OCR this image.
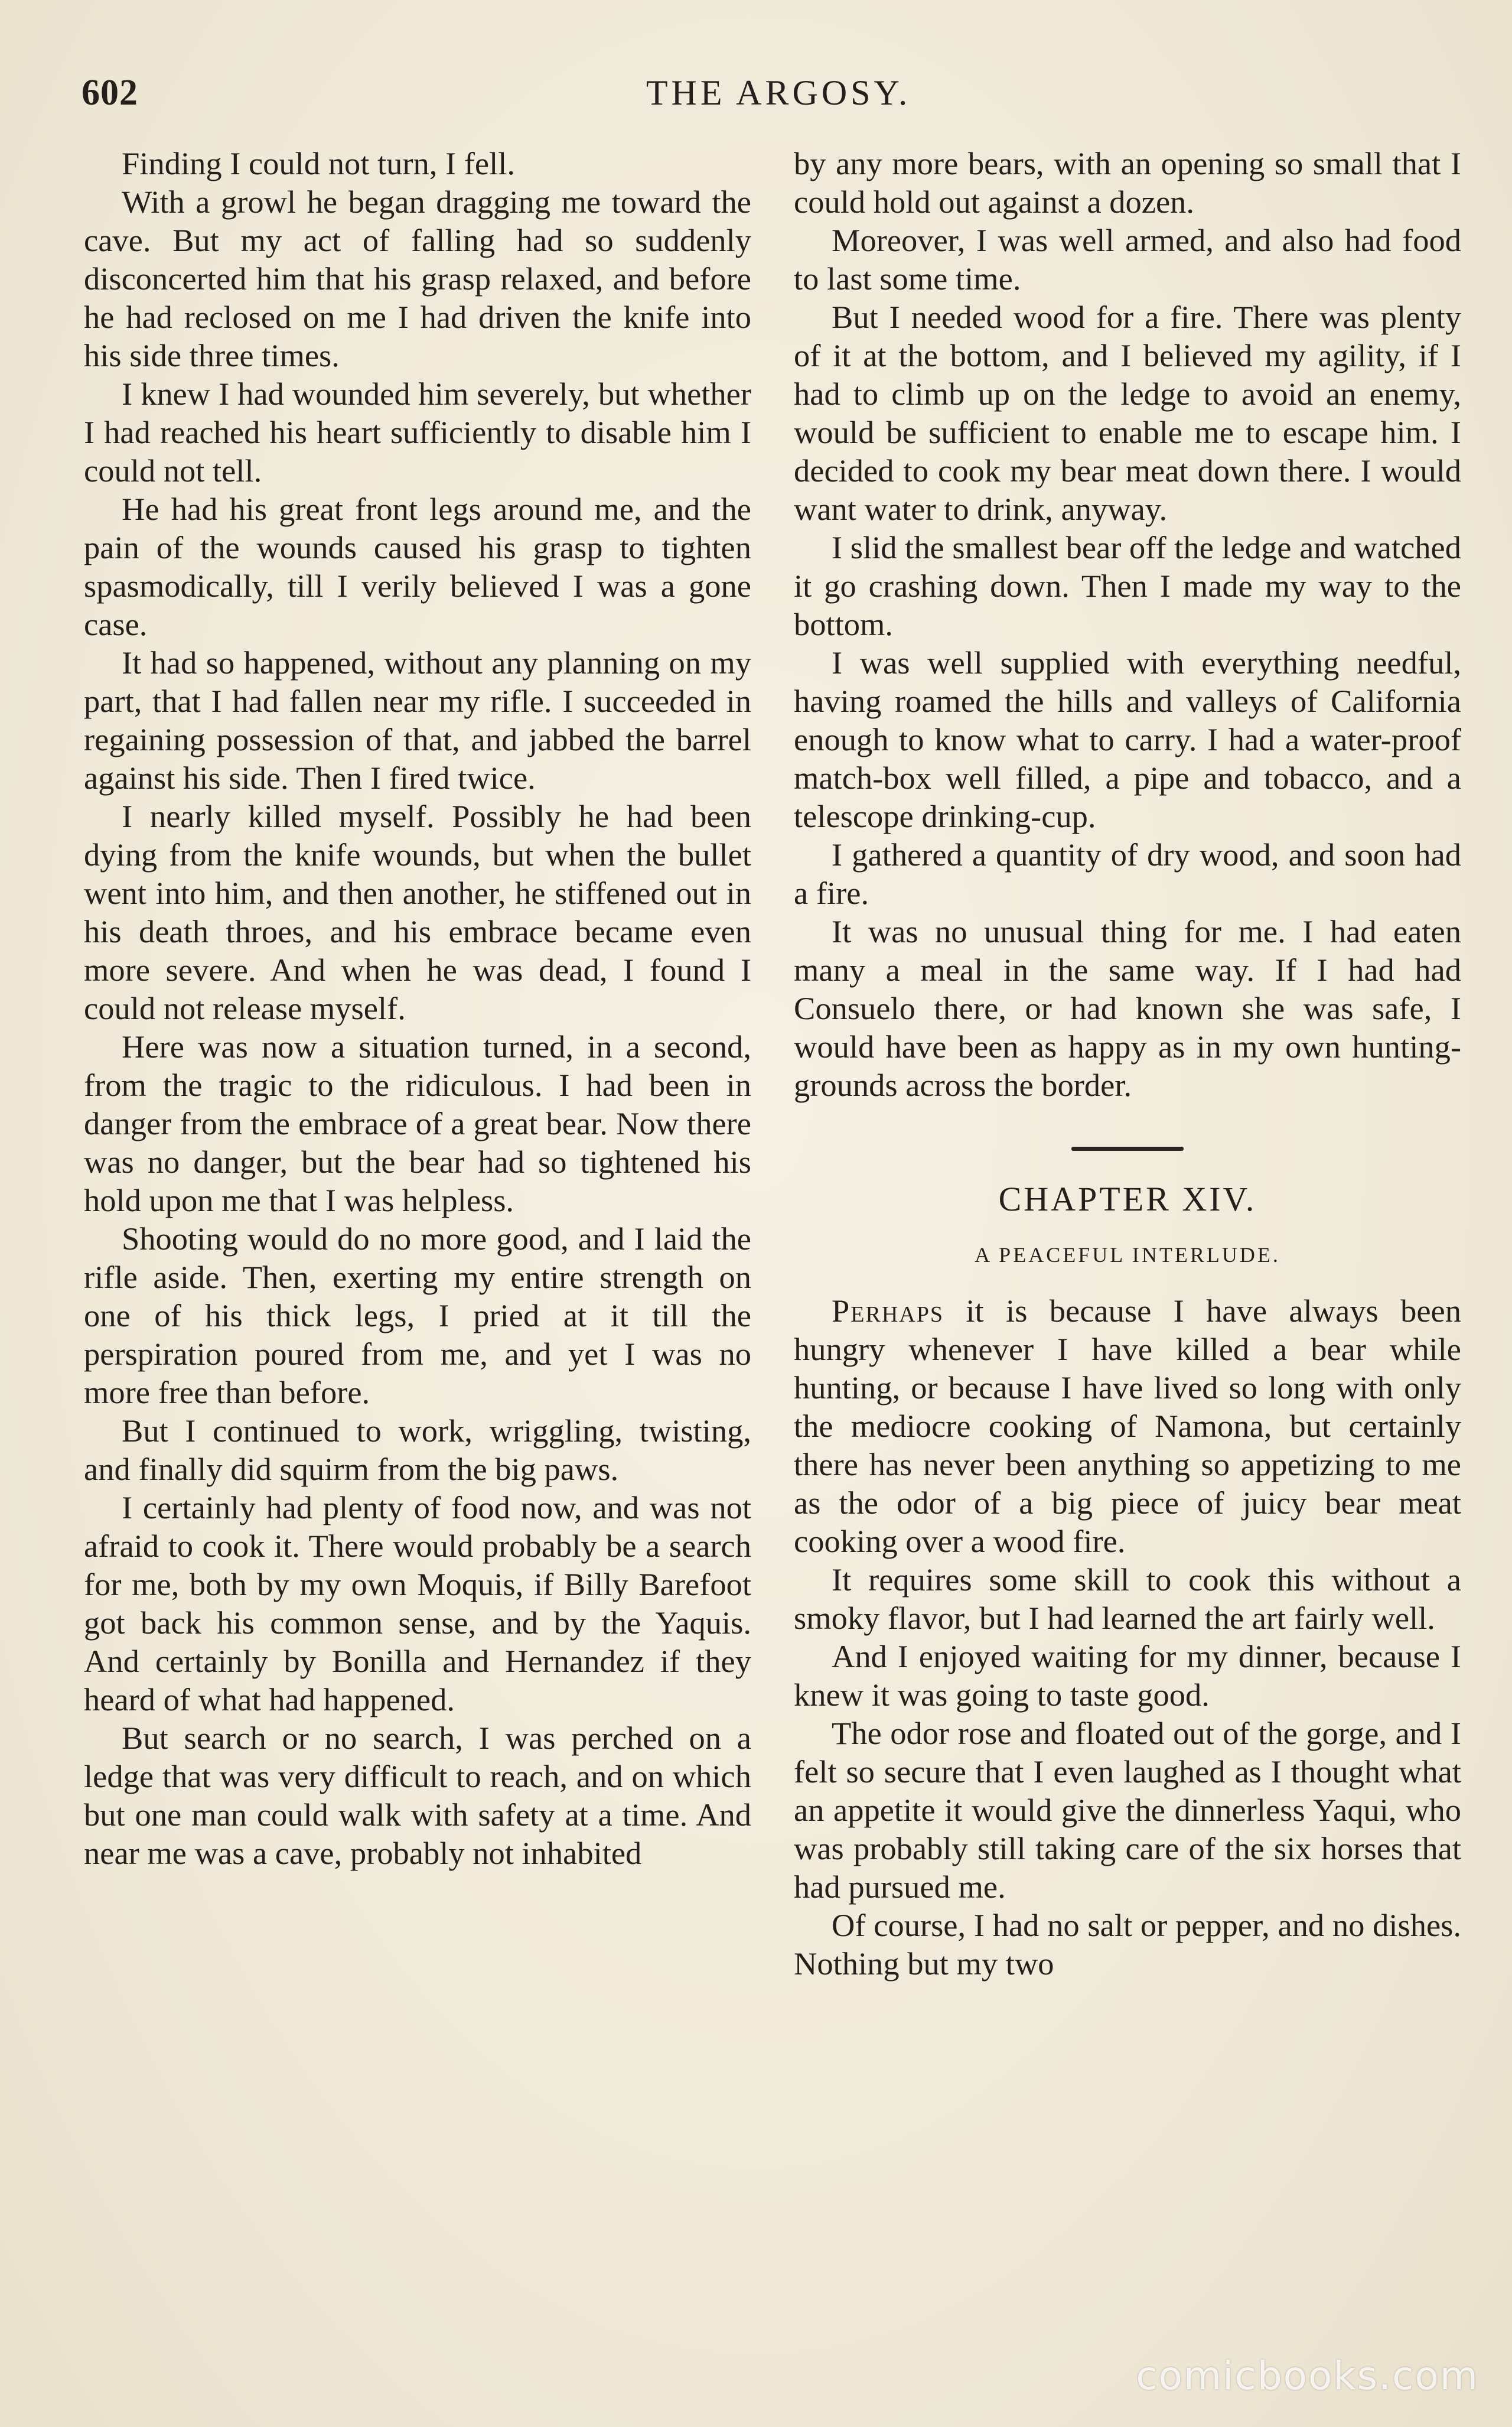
602	THE ARGOSY.

Finding I could not turn, I fell.

With a growl he began dragging me toward the cave. But my act of falling had so suddenly disconcerted him that his grasp relaxed, and before he had reclosed on me I had driven the knife into his side three times.

I knew I had wounded him severely, but whether I had reached his heart sufficiently to disable him I could not tell.

He had his great front legs around me, and the pain of the wounds caused his grasp to tighten spasmodically, till I verily believed I was a gone case.

It had so happened, without any planning on my part, that I had fallen near my rifle. I succeeded in regaining possession of that, and jabbed the barrel against his side. Then I fired twice.

I nearly killed myself. Possibly he had been dying from the knife wounds, but when the bullet went into him, and then another, he stiffened out in his death throes, and his embrace became even more severe. And when he was dead, I found I could not release myself.

Here was now a situation turned, in a second, from the tragic to the ridiculous. I had been in danger from the embrace of a great bear. Now there was no danger, but the bear had so tightened his hold upon me that I was helpless.

Shooting would do no more good, and I laid the rifle aside. Then, exerting my entire strength on one of his thick legs, I pried at it till the perspiration poured from me, and yet I was no more free than before.

But I continued to work, wriggling, twisting, and finally did squirm from the big paws.

I certainly had plenty of food now, and was not afraid to cook it. There would probably be a search for me, both by my own Moquis, if Billy Barefoot got back his common sense, and by the Yaquis. And certainly by Bonilla and Hernandez if they heard of what had happened.

But search or no search, I was perched on a ledge that was very difficult to reach, and on which but one man could walk with safety at a time. And near me was a cave, probably not inhabited

by any more bears, with an opening so small that I could hold out against a dozen.

Moreover, I was well armed, and also had food to last some time.

But I needed wood for a fire. There was plenty of it at the bottom, and I believed my agility, if I had to climb up on the ledge to avoid an enemy, would be sufficient to enable me to escape him. I decided to cook my bear meat down there. I would want water to drink, anyway.

I slid the smallest bear off the ledge and watched it go crashing down. Then I made my way to the bottom.

I was well supplied with everything needful, having roamed the hills and valleys of California enough to know what to carry. I had a water-proof match-box well filled, a pipe and tobacco, and a telescope drinking-cup.

I gathered a quantity of dry wood, and soon had a fire.

It was no unusual thing for me. I had eaten many a meal in the same way. If I had had Consuelo there, or had known she was safe, I would have been as happy as in my own hunting-grounds across the border.

CHAPTER XIV.
A PEACEFUL INTERLUDE.

Perhaps it is because I have always been hungry whenever I have killed a bear while hunting, or because I have lived so long with only the mediocre cooking of Namona, but certainly there has never been anything so appetizing to me as the odor of a big piece of juicy bear meat cooking over a wood fire.

It requires some skill to cook this without a smoky flavor, but I had learned the art fairly well.

And I enjoyed waiting for my dinner, because I knew it was going to taste good.

The odor rose and floated out of the gorge, and I felt so secure that I even laughed as I thought what an appetite it would give the dinnerless Yaqui, who was probably still taking care of the six horses that had pursued me.

Of course, I had no salt or pepper, and no dishes. Nothing but my two

comicbooks.com
